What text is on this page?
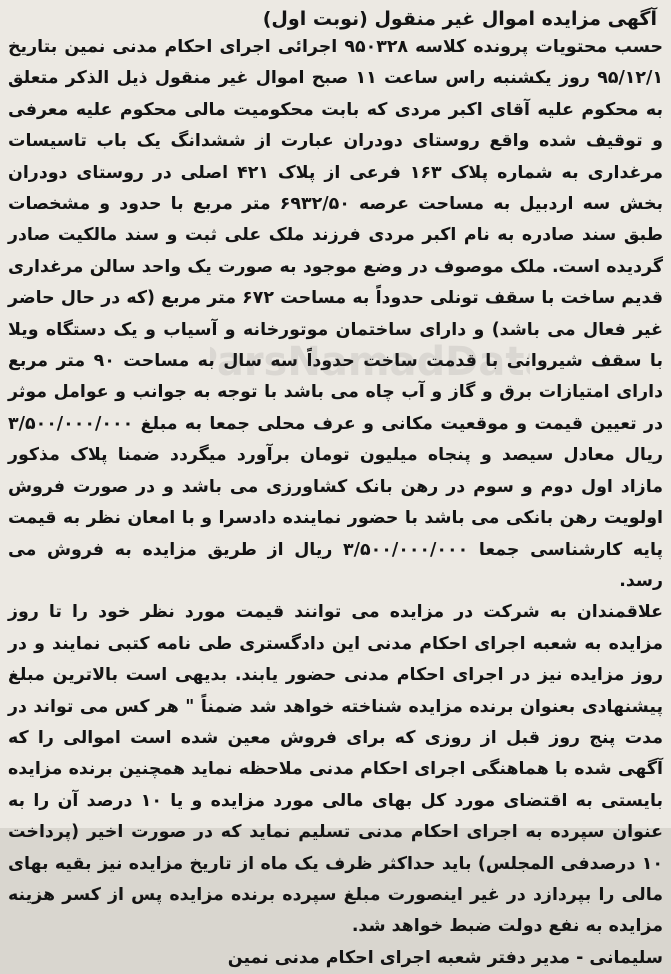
arsNamadDat
آگهی مزایده اموال غیر منقول (نوبت اول)

حسب محتویات پرونده کلاسه ۹۵۰۳۲۸ اجرائی اجرای احکام مدنی نمین بتاریخ ۹۵/۱۲/۱ روز یکشنبه راس ساعت ۱۱ صبح اموال غیر منقول ذیل الذکر متعلق به محکوم علیه آقای اکبر مردی که بابت محکومیت مالی محکوم علیه معرفی و توقیف شده واقع روستای دودران عبارت از ششدانگ یک باب تاسیسات مرغداری به شماره پلاک ۱۶۳ فرعی از پلاک ۴۲۱ اصلی در روستای دودران بخش سه اردبیل به مساحت عرصه ۶۹۳۲/۵۰ متر مربع با حدود و مشخصات طبق سند صادره به نام اکبر مردی فرزند ملک علی ثبت و سند مالکیت صادر گردیده است. ملک موصوف در وضع موجود به صورت یک واحد سالن مرغداری قدیم ساخت با سقف تونلی حدوداً به مساحت ۶۷۲ متر مربع (که در حال حاضر غیر فعال می باشد) و دارای ساختمان موتورخانه و آسیاب و یک دستگاه ویلا با سقف شیروانی با قدمت ساخت حدوداً سه سال به مساحت ۹۰ متر مربع دارای امتیازات برق و گاز و آب چاه می باشد با توجه به جوانب و عوامل موثر در تعیین قیمت و موقعیت مکانی و عرف محلی جمعا به مبلغ ۳/۵۰۰/۰۰۰/۰۰۰ ریال معادل سیصد و پنجاه میلیون تومان برآورد میگردد ضمنا پلاک مذکور مازاد اول دوم و سوم در رهن بانک کشاورزی می باشد و در صورت فروش اولویت رهن بانکی می باشد با حضور نماینده دادسرا و با امعان نظر به قیمت پایه کارشناسی جمعا ۳/۵۰۰/۰۰۰/۰۰۰ ریال از طریق مزایده به فروش می رسد.

علاقمندان به شرکت در مزایده می توانند قیمت مورد نظر خود را تا روز مزایده به شعبه اجرای احکام مدنی این دادگستری طی نامه کتبی نمایند و در روز مزایده نیز در اجرای احکام مدنی حضور یابند. بدیهی است بالاترین مبلغ پیشنهادی بعنوان برنده مزایده شناخته خواهد شد ضمناً " هر کس می تواند در مدت پنج روز قبل از روزی که برای فروش معین شده است اموالی را که آگهی شده با هماهنگی اجرای احکام مدنی ملاحظه نماید همچنین برنده مزایده بایستی به اقتضای مورد کل بهای مالی مورد مزایده و یا ۱۰ درصد آن را به عنوان سپرده به اجرای احکام مدنی تسلیم نماید که در صورت اخیر (پرداخت ۱۰ درصدفی المجلس) باید حداکثر ظرف یک ماه از تاریخ مزایده نیز بقیه بهای مالی را بپردازد در غیر اینصورت مبلغ سپرده برنده مزایده پس از کسر هزینه مزایده به نفع دولت ضبط خواهد شد.

سلیمانی - مدیر دفتر شعبه اجرای احکام مدنی نمین
